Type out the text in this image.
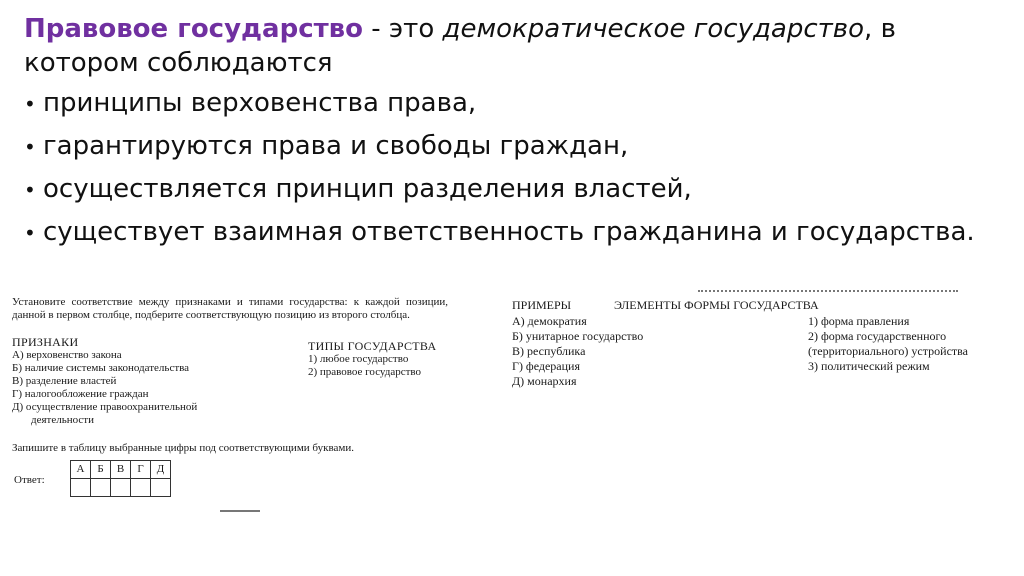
Правовое государство - это демократическое государство, в котором соблюдаются
• принципы верховенства права,
• гарантируются права и свободы граждан,
• осуществляется принцип разделения властей,
• существует взаимная ответственность гражданина и государства.
Установите соответствие между признаками и типами государства: к каждой позиции, данной в первом столбце, подберите соответствующую позицию из второго столбца.
ПРИЗНАКИ
А) верховенство закона
Б) наличие системы законодательства
В) разделение властей
Г) налогообложение граждан
Д) осуществление правоохранительной
деятельности
ТИПЫ ГОСУДАРСТВА
1) любое государство
2) правовое государство
Запишите в таблицу выбранные цифры под соответствующими буквами.
Ответ:
А	Б	В	Г	Д

ПРИМЕРЫ	ЭЛЕМЕНТЫ ФОРМЫ ГОСУДАРСТВА
А) демократия
Б) унитарное государство
В) республика
Г) федерация
Д) монархия
1) форма правления
2) форма государственного
(территориального) устройства
3) политический режим
